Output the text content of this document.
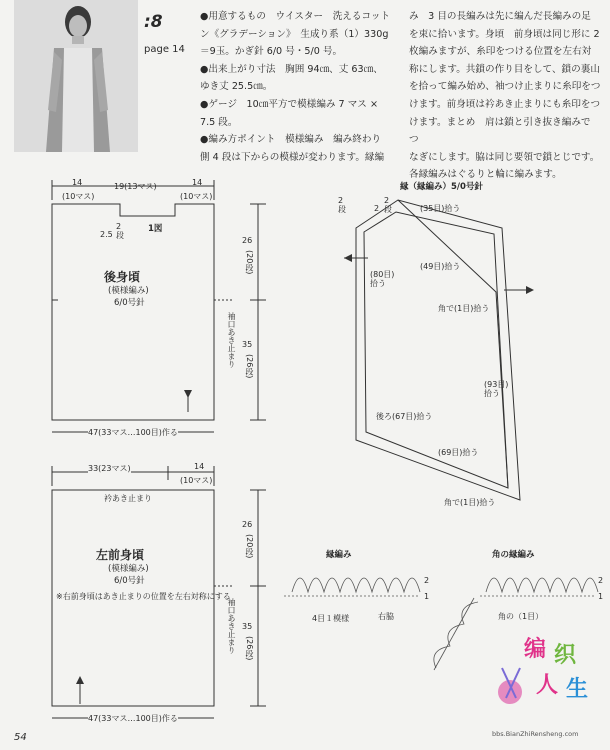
:8
page 14
●用意するもの　ウイスター　洗えるコット
ン《グラデーション》　生成り系（1）330g
＝9玉。かぎ針 6/0 号・5/0 号。
●出来上がり寸法　胸囲 94㎝、丈 63㎝、
ゆき丈 25.5㎝。
●ゲージ　10㎝平方で模様編み 7 マス ×
7.5 段。
●編み方ポイント　模様編み　編み終わり
側 4 段は下からの模様が変わります。縁編
み　3 目の長編みは先に編んだ長編みの足
を束に拾います。身頃　前身頃は同じ形に 2
枚編みますが、糸印をつける位置を左右対
称にします。共鎖の作り目をして、鎖の裏山
を拾って編み始め、袖つけ止まりに糸印をつ
けます。前身頃は衿あき止まりにも糸印をつ
けます。まとめ　肩は鎖と引き抜き編みで つ
なぎにします。脇は同じ要領で鎖とじです。
各縁編みはぐるりと輪に編みます。
14
(10マス)
19(13マス)	14
(10マス)
2.5
2
段
1図
後身頃
(模様編み)
6/0号針
26
(20段)
35
(26段)
袖口あき止まり
47(33マス…100目)作る
33(23マス)	14
(10マス)
衿あき止まり
左前身頃
(模様編み)
6/0号針
※右前身頃はあき止まりの位置を左右対称にする
26
(20段)
35
(26段)
袖口あき止まり
47(33マス…100目)作る
縁（縁編み）5/0号針
2
段	2
2
段	(35目)拾う
(49目)拾う
(80目)
拾う
角で(1目)拾う
(93目)
拾う
後ろ(67目)拾う
(69目)拾う
角で(1目)拾う
縁編み
4目１模様	右脇
2
1
角の縁編み
角の（1目）
2
1
编 织
人 生
bbs.BianZhiRensheng.com
54
